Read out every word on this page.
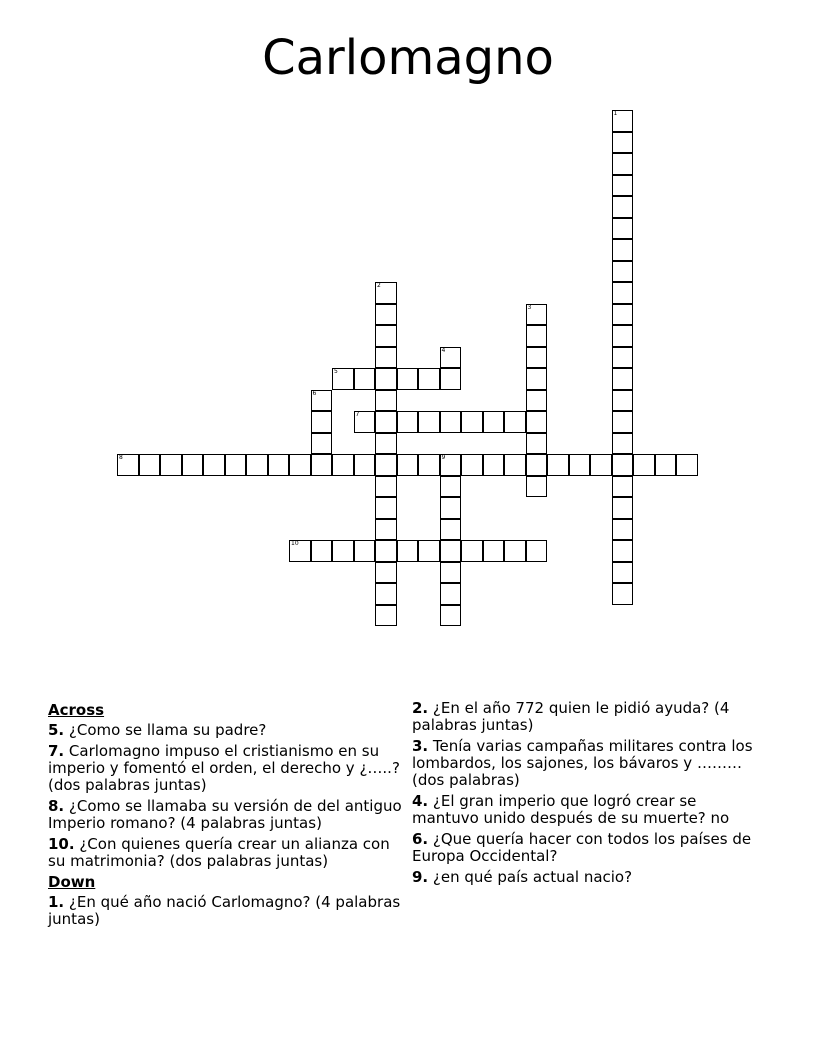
Carlomagno
1
2
3
4
5
6
7
8	9
10
Across
5. ¿Como se llama su padre?
7. Carlomagno impuso el cristianismo en su imperio y fomentó el orden, el derecho y ¿…..? (dos palabras juntas)
8. ¿Como se llamaba su versión de del antiguo Imperio romano? (4 palabras juntas)
10. ¿Con quienes quería crear un alianza con su matrimonia? (dos palabras juntas)
Down
1. ¿En qué año nació Carlomagno? (4 palabras juntas)
2. ¿En el año 772 quien le pidió ayuda? (4 palabras juntas)
3. Tenía varias campañas militares contra los lombardos, los sajones, los bávaros y ……… (dos palabras)
4. ¿El gran imperio que logró crear se mantuvo unido después de su muerte? no
6. ¿Que quería hacer con todos los países de Europa Occidental?
9. ¿en qué país actual nacio?
